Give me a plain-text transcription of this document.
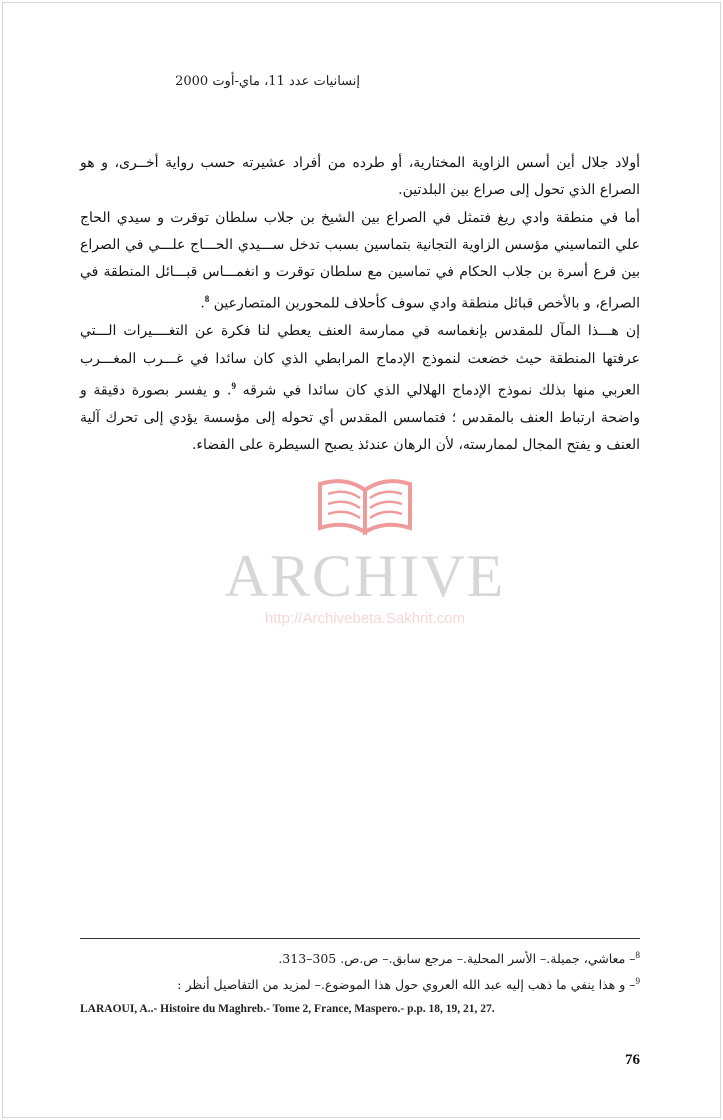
إنسانيات عدد 11، ماي-أوت 2000

أولاد جلال أين أسس الزاوية المختارية، أو طرده من أفراد عشيرته حسب رواية أخــرى، و هو الصراع الذي تحول إلى صراع بين البلدتين.

أما في منطقة وادي ريغ فتمثل في الصراع بين الشيخ بن جلاب سلطان توقرت و سيدي الحاج علي التماسيني مؤسس الزاوية التجانية بتماسين بسبب تدخل ســـيدي الحـــاج علـــي في الصراع بين فرع أسرة بن جلاب الحكام في تماسين مع سلطان توقرت و انغمـــاس قبـــائل المنطقة في الصراع، و بالأخص قبائل منطقة وادي سوف كأحلاف للمحورين المتصارعين $^8$.

إن هـــذا المآل للمقدس بإنغماسه في ممارسة العنف يعطي لنا فكرة عن التغــــيرات الـــتي عرفتها المنطقة حيث خضعت لنموذج الإدماج المرابطي الذي كان سائدا في غـــرب المغـــرب العربي منها بذلك نموذج الإدماج الهلالي الذي كان سائدا في شرقه $^9$. و يفسر بصورة دقيقة و واضحة ارتباط العنف بالمقدس ؛ فتماسس المقدس أي تحوله إلى مؤسسة يؤدي إلى تحرك آلية العنف و يفتح المجال لممارسته، لأن الرهان عندئذ يصبح السيطرة على الفضاء.

ARCHIVE
http://Archivebeta.Sakhrit.com
$^8$– معاشي، جميلة.– الأسر المحلية.– مرجع سابق.– ص.ص. 305–313.
$^9$– و هذا ينفي ما ذهب إليه عبد الله العروي حول هذا الموضوع.– لمزيد من التفاصيل أنظر :
LARAOUI, A..- Histoire du Maghreb.- Tome 2, France, Maspero.- p.p. 18, 19, 21, 27.
76
